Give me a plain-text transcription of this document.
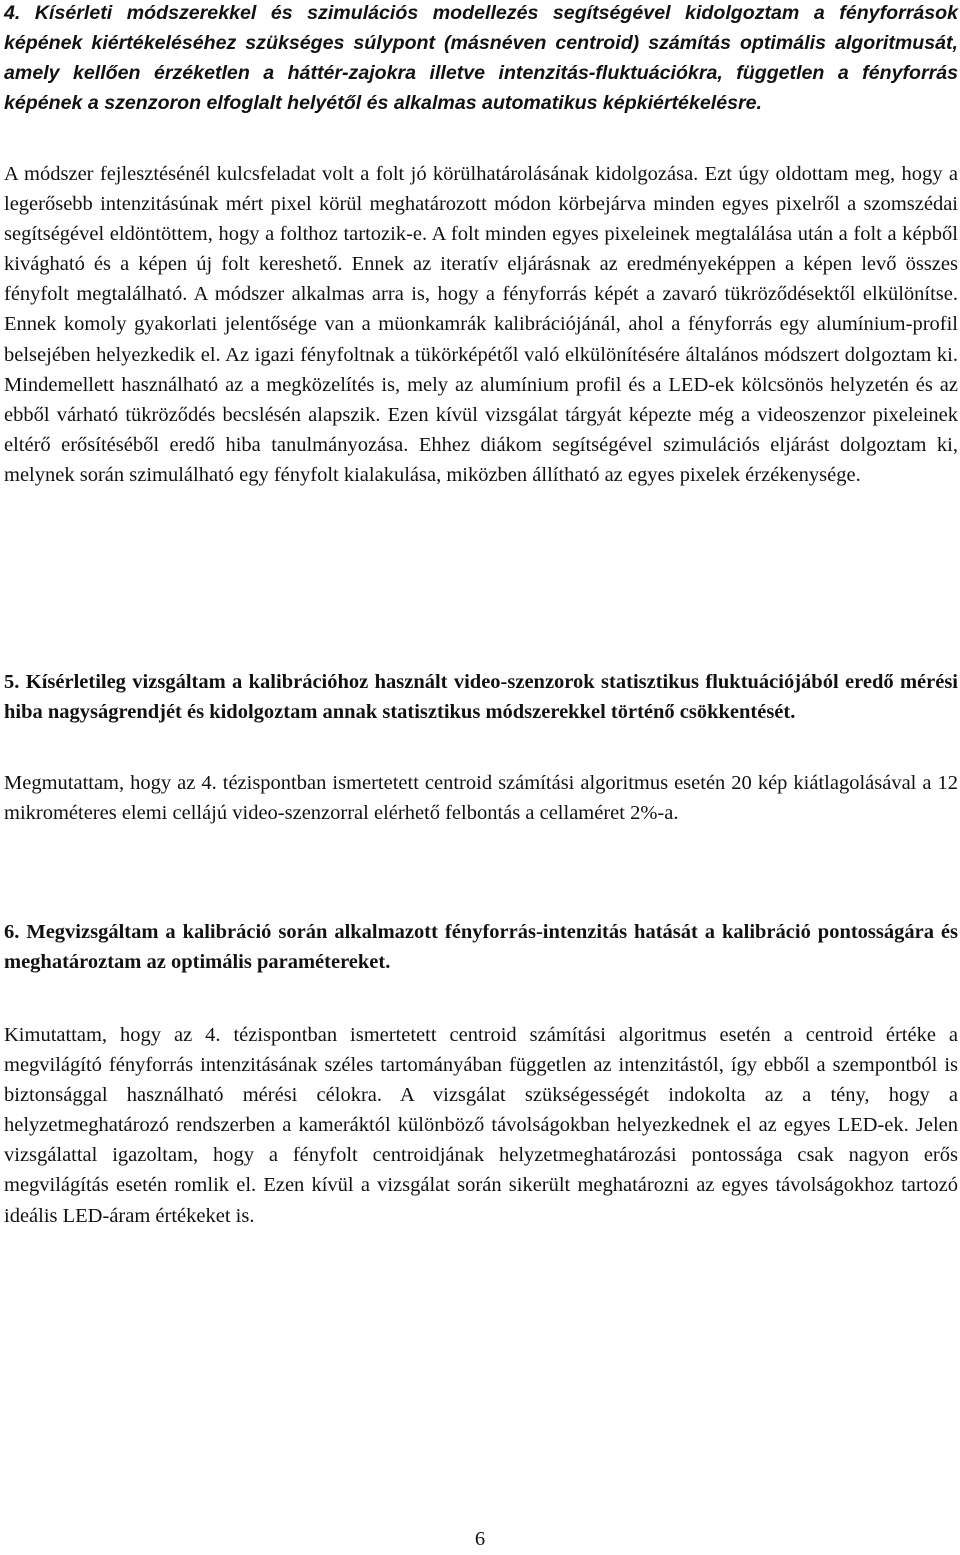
4. Kísérleti módszerekkel és szimulációs modellezés segítségével kidolgoztam a fényforrások képének kiértékeléséhez szükséges súlypont (másnéven centroid) számítás optimális algoritmusát, amely kellően érzéketlen a háttér-zajokra illetve intenzitás-fluktuációkra, független a fényforrás képének a szenzoron elfoglalt helyétől és alkalmas automatikus képkiértékelésre.

A módszer fejlesztésénél kulcsfeladat volt a folt jó körülhatárolásának kidolgozása. Ezt úgy oldottam meg, hogy a legerősebb intenzitásúnak mért pixel körül meghatározott módon körbejárva minden egyes pixelről a szomszédai segítségével eldöntöttem, hogy a folthoz tartozik-e. A folt minden egyes pixeleinek megtalálása után a folt a képből kivágható és a képen új folt kereshető. Ennek az iteratív eljárásnak az eredményeképpen a képen levő összes fényfolt megtalálható. A módszer alkalmas arra is, hogy a fényforrás képét a zavaró tükröződésektől elkülönítse. Ennek komoly gyakorlati jelentősége van a müonkamrák kalibrációjánál, ahol a fényforrás egy alumínium-profil belsejében helyezkedik el. Az igazi fényfoltnak a tükörképétől való elkülönítésére általános módszert dolgoztam ki. Mindemellett használható az a megközelítés is, mely az alumínium profil és a LED-ek kölcsönös helyzetén és az ebből várható tükröződés becslésén alapszik. Ezen kívül vizsgálat tárgyát képezte még a videoszenzor pixeleinek eltérő erősítéséből eredő hiba tanulmányozása. Ehhez diákom segítségével szimulációs eljárást dolgoztam ki, melynek során szimulálható egy fényfolt kialakulása, miközben állítható az egyes pixelek érzékenysége.

5. Kísérletileg vizsgáltam a kalibrációhoz használt video-szenzorok statisztikus fluktuációjából eredő mérési hiba nagyságrendjét és kidolgoztam annak statisztikus módszerekkel történő csökkentését.

Megmutattam, hogy az 4. tézispontban ismertetett centroid számítási algoritmus esetén 20 kép kiátlagolásával a 12 mikrométeres elemi cellájú video-szenzorral elérhető felbontás a cellaméret 2%-a.

6. Megvizsgáltam a kalibráció során alkalmazott fényforrás-intenzitás hatását a kalibráció pontosságára és meghatároztam az optimális paramétereket.

Kimutattam, hogy az 4. tézispontban ismertetett centroid számítási algoritmus esetén a centroid értéke a megvilágító fényforrás intenzitásának széles tartományában független az intenzitástól, így ebből a szempontból is biztonsággal használható mérési célokra. A vizsgálat szükségességét indokolta az a tény, hogy a helyzetmeghatározó rendszerben a kameráktól különböző távolságokban helyezkednek el az egyes LED-ek. Jelen vizsgálattal igazoltam, hogy a fényfolt centroidjának helyzetmeghatározási pontossága csak nagyon erős megvilágítás esetén romlik el. Ezen kívül a vizsgálat során sikerült meghatározni az egyes távolságokhoz tartozó ideális LED-áram értékeket is.

6
